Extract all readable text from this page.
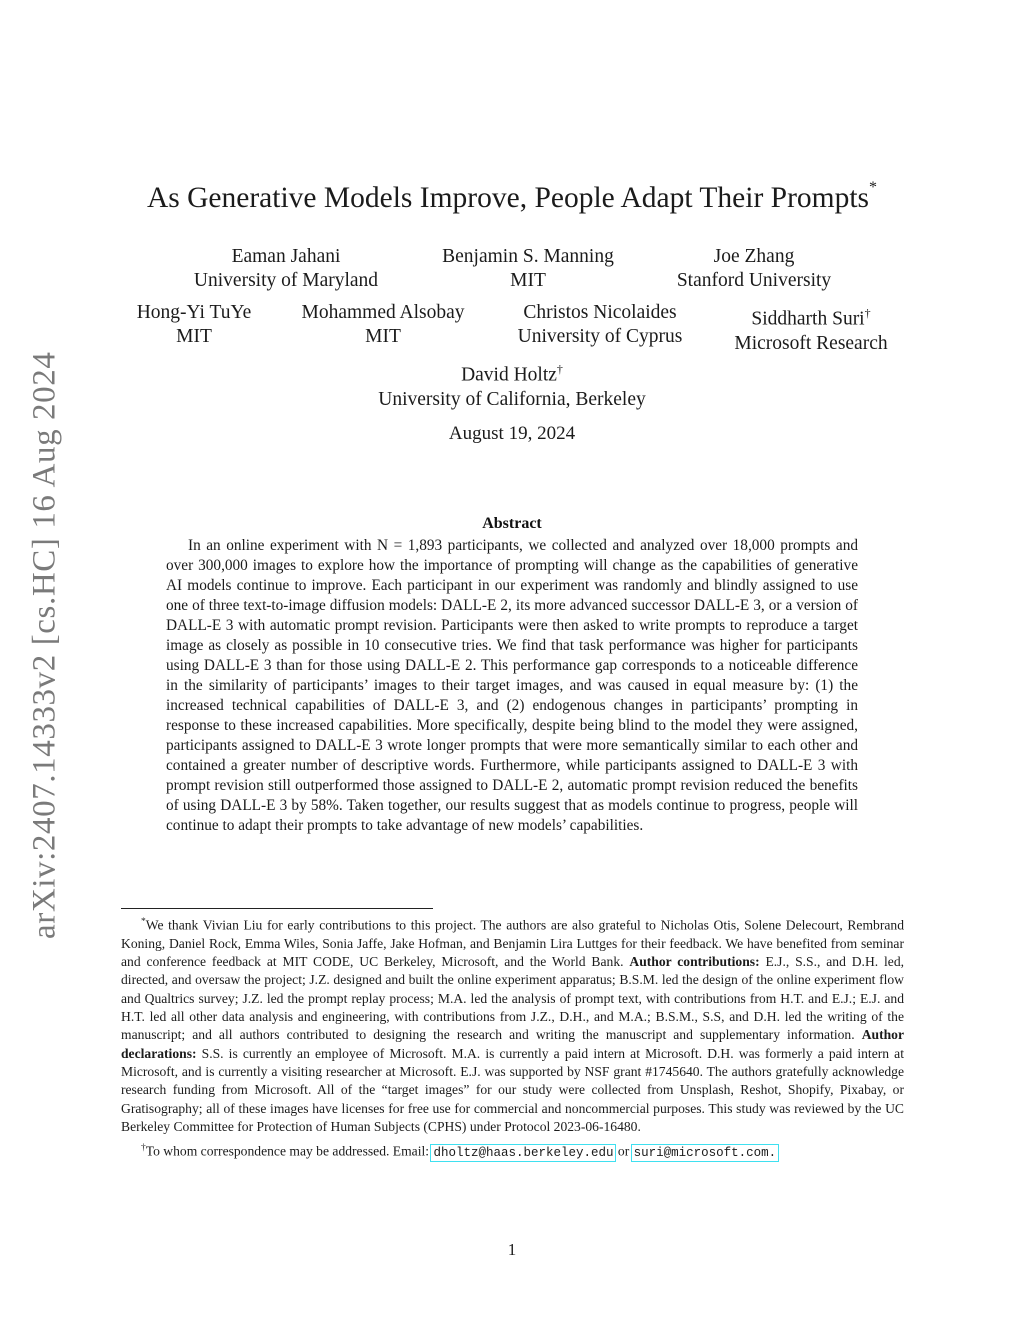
arXiv:2407.14333v2 [cs.HC] 16 Aug 2024
As Generative Models Improve, People Adapt Their Prompts*
Eaman Jahani
University of Maryland
Benjamin S. Manning
MIT
Joe Zhang
Stanford University
Hong-Yi TuYe
MIT
Mohammed Alsobay
MIT
Christos Nicolaides
University of Cyprus
Siddharth Suri†
Microsoft Research
David Holtz†
University of California, Berkeley
August 19, 2024
Abstract
In an online experiment with N = 1,893 participants, we collected and analyzed over 18,000 prompts and over 300,000 images to explore how the importance of prompting will change as the capabilities of generative AI models continue to improve. Each participant in our experiment was randomly and blindly assigned to use one of three text-to-image diffusion models: DALL-E 2, its more advanced successor DALL-E 3, or a version of DALL-E 3 with automatic prompt revision. Participants were then asked to write prompts to reproduce a target image as closely as possible in 10 consecutive tries. We find that task performance was higher for participants using DALL-E 3 than for those using DALL-E 2. This performance gap corresponds to a noticeable difference in the similarity of participants’ images to their target images, and was caused in equal measure by: (1) the increased technical capabilities of DALL-E 3, and (2) endogenous changes in participants’ prompting in response to these increased capabilities. More specifically, despite being blind to the model they were assigned, participants assigned to DALL-E 3 wrote longer prompts that were more semantically similar to each other and contained a greater number of descriptive words. Furthermore, while participants assigned to DALL-E 3 with prompt revision still outperformed those assigned to DALL-E 2, automatic prompt revision reduced the benefits of using DALL-E 3 by 58%. Taken together, our results suggest that as models continue to progress, people will continue to adapt their prompts to take advantage of new models’ capabilities.

*We thank Vivian Liu for early contributions to this project. The authors are also grateful to Nicholas Otis, Solene Delecourt, Rembrand Koning, Daniel Rock, Emma Wiles, Sonia Jaffe, Jake Hofman, and Benjamin Lira Luttges for their feedback. We have benefited from seminar and conference feedback at MIT CODE, UC Berkeley, Microsoft, and the World Bank. Author contributions: E.J., S.S., and D.H. led, directed, and oversaw the project; J.Z. designed and built the online experiment apparatus; B.S.M. led the design of the online experiment flow and Qualtrics survey; J.Z. led the prompt replay process; M.A. led the analysis of prompt text, with contributions from H.T. and E.J.; E.J. and H.T. led all other data analysis and engineering, with contributions from J.Z., D.H., and M.A.; B.S.M., S.S, and D.H. led the writing of the manuscript; and all authors contributed to designing the research and writing the manuscript and supplementary information. Author declarations: S.S. is currently an employee of Microsoft. M.A. is currently a paid intern at Microsoft. D.H. was formerly a paid intern at Microsoft, and is currently a visiting researcher at Microsoft. E.J. was supported by NSF grant #1745640. The authors gratefully acknowledge research funding from Microsoft. All of the “target images” for our study were collected from Unsplash, Reshot, Shopify, Pixabay, or Gratisography; all of these images have licenses for free use for commercial and noncommercial purposes. This study was reviewed by the UC Berkeley Committee for Protection of Human Subjects (CPHS) under Protocol 2023-06-16480.

†To whom correspondence may be addressed. Email: dholtz@haas.berkeley.edu or suri@microsoft.com.

1
